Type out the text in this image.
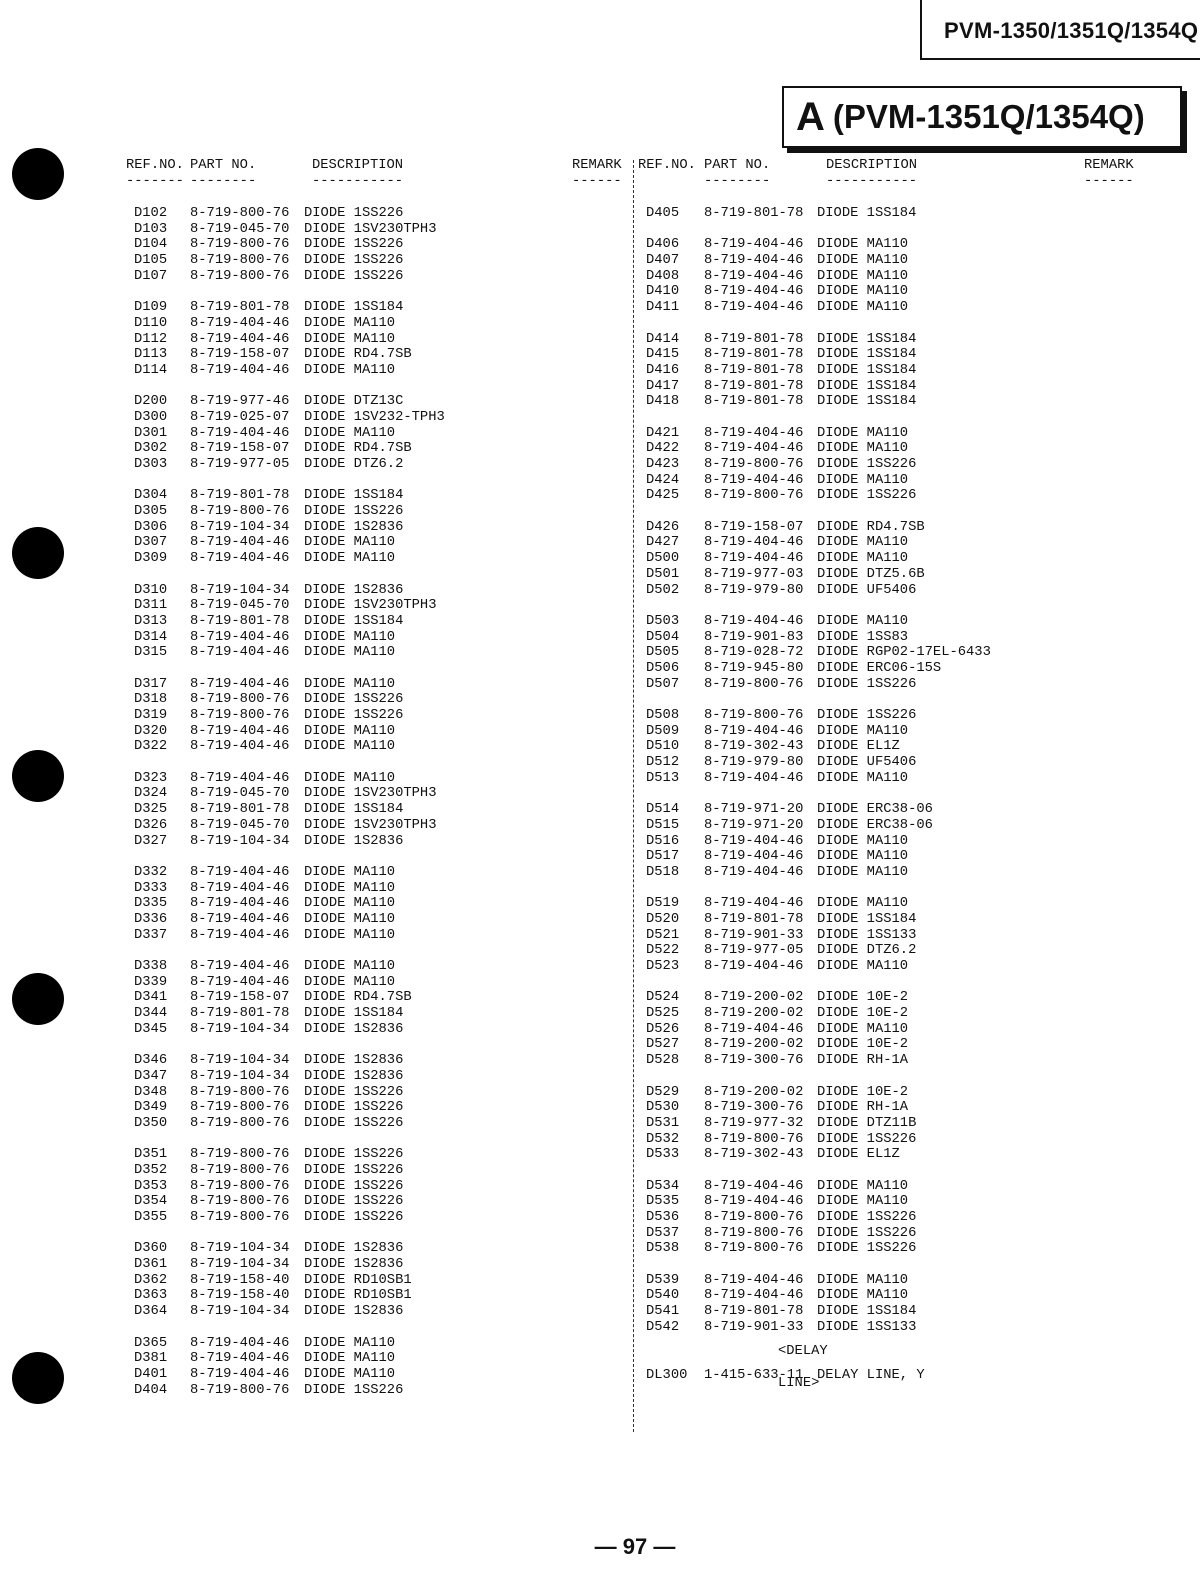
PVM-1350/1351Q/1354Q
A (PVM-1351Q/1354Q)
REF.NO. PART NO.	DESCRIPTION	REMARK
------- --------	-----------	------
D102 8-719-800-76 DIODE 1SS226
D103 8-719-045-70 DIODE 1SV230TPH3
D104 8-719-800-76 DIODE 1SS226
D105 8-719-800-76 DIODE 1SS226
D107 8-719-800-76 DIODE 1SS226
D109 8-719-801-78 DIODE 1SS184
D110 8-719-404-46 DIODE MA110
D112 8-719-404-46 DIODE MA110
D113 8-719-158-07 DIODE RD4.7SB
D114 8-719-404-46 DIODE MA110
D200 8-719-977-46 DIODE DTZ13C
D300 8-719-025-07 DIODE 1SV232-TPH3
D301 8-719-404-46 DIODE MA110
D302 8-719-158-07 DIODE RD4.7SB
D303 8-719-977-05 DIODE DTZ6.2
D304 8-719-801-78 DIODE 1SS184
D305 8-719-800-76 DIODE 1SS226
D306 8-719-104-34 DIODE 1S2836
D307 8-719-404-46 DIODE MA110
D309 8-719-404-46 DIODE MA110
D310 8-719-104-34 DIODE 1S2836
D311 8-719-045-70 DIODE 1SV230TPH3
D313 8-719-801-78 DIODE 1SS184
D314 8-719-404-46 DIODE MA110
D315 8-719-404-46 DIODE MA110
D317 8-719-404-46 DIODE MA110
D318 8-719-800-76 DIODE 1SS226
D319 8-719-800-76 DIODE 1SS226
D320 8-719-404-46 DIODE MA110
D322 8-719-404-46 DIODE MA110
D323 8-719-404-46 DIODE MA110
D324 8-719-045-70 DIODE 1SV230TPH3
D325 8-719-801-78 DIODE 1SS184
D326 8-719-045-70 DIODE 1SV230TPH3
D327 8-719-104-34 DIODE 1S2836
D332 8-719-404-46 DIODE MA110
D333 8-719-404-46 DIODE MA110
D335 8-719-404-46 DIODE MA110
D336 8-719-404-46 DIODE MA110
D337 8-719-404-46 DIODE MA110
D338 8-719-404-46 DIODE MA110
D339 8-719-404-46 DIODE MA110
D341 8-719-158-07 DIODE RD4.7SB
D344 8-719-801-78 DIODE 1SS184
D345 8-719-104-34 DIODE 1S2836
D346 8-719-104-34 DIODE 1S2836
D347 8-719-104-34 DIODE 1S2836
D348 8-719-800-76 DIODE 1SS226
D349 8-719-800-76 DIODE 1SS226
D350 8-719-800-76 DIODE 1SS226
D351 8-719-800-76 DIODE 1SS226
D352 8-719-800-76 DIODE 1SS226
D353 8-719-800-76 DIODE 1SS226
D354 8-719-800-76 DIODE 1SS226
D355 8-719-800-76 DIODE 1SS226
D360 8-719-104-34 DIODE 1S2836
D361 8-719-104-34 DIODE 1S2836
D362 8-719-158-40 DIODE RD10SB1
D363 8-719-158-40 DIODE RD10SB1
D364 8-719-104-34 DIODE 1S2836
D365 8-719-404-46 DIODE MA110
D381 8-719-404-46 DIODE MA110
D401 8-719-404-46 DIODE MA110
D404 8-719-800-76 DIODE 1SS226
REF.NO. PART NO.	DESCRIPTION	REMARK
--------	-----------	------
D405 8-719-801-78 DIODE 1SS184
D406 8-719-404-46 DIODE MA110
D407 8-719-404-46 DIODE MA110
D408 8-719-404-46 DIODE MA110
D410 8-719-404-46 DIODE MA110
D411 8-719-404-46 DIODE MA110
D414 8-719-801-78 DIODE 1SS184
D415 8-719-801-78 DIODE 1SS184
D416 8-719-801-78 DIODE 1SS184
D417 8-719-801-78 DIODE 1SS184
D418 8-719-801-78 DIODE 1SS184
D421 8-719-404-46 DIODE MA110
D422 8-719-404-46 DIODE MA110
D423 8-719-800-76 DIODE 1SS226
D424 8-719-404-46 DIODE MA110
D425 8-719-800-76 DIODE 1SS226
D426 8-719-158-07 DIODE RD4.7SB
D427 8-719-404-46 DIODE MA110
D500 8-719-404-46 DIODE MA110
D501 8-719-977-03 DIODE DTZ5.6B
D502 8-719-979-80 DIODE UF5406
D503 8-719-404-46 DIODE MA110
D504 8-719-901-83 DIODE 1SS83
D505 8-719-028-72 DIODE RGP02-17EL-6433
D506 8-719-945-80 DIODE ERC06-15S
D507 8-719-800-76 DIODE 1SS226
D508 8-719-800-76 DIODE 1SS226
D509 8-719-404-46 DIODE MA110
D510 8-719-302-43 DIODE EL1Z
D512 8-719-979-80 DIODE UF5406
D513 8-719-404-46 DIODE MA110
D514 8-719-971-20 DIODE ERC38-06
D515 8-719-971-20 DIODE ERC38-06
D516 8-719-404-46 DIODE MA110
D517 8-719-404-46 DIODE MA110
D518 8-719-404-46 DIODE MA110
D519 8-719-404-46 DIODE MA110
D520 8-719-801-78 DIODE 1SS184
D521 8-719-901-33 DIODE 1SS133
D522 8-719-977-05 DIODE DTZ6.2
D523 8-719-404-46 DIODE MA110
D524 8-719-200-02 DIODE 10E-2
D525 8-719-200-02 DIODE 10E-2
D526 8-719-404-46 DIODE MA110
D527 8-719-200-02 DIODE 10E-2
D528 8-719-300-76 DIODE RH-1A
D529 8-719-200-02 DIODE 10E-2
D530 8-719-300-76 DIODE RH-1A
D531 8-719-977-32 DIODE DTZ11B
D532 8-719-800-76 DIODE 1SS226
D533 8-719-302-43 DIODE EL1Z
D534 8-719-404-46 DIODE MA110
D535 8-719-404-46 DIODE MA110
D536 8-719-800-76 DIODE 1SS226
D537 8-719-800-76 DIODE 1SS226
D538 8-719-800-76 DIODE 1SS226
D539 8-719-404-46 DIODE MA110
D540 8-719-404-46 DIODE MA110
D541 8-719-801-78 DIODE 1SS184
D542 8-719-901-33 DIODE 1SS133
<DELAY LINE>
DL300 1-415-633-11 DELAY LINE, Y
— 97 —
